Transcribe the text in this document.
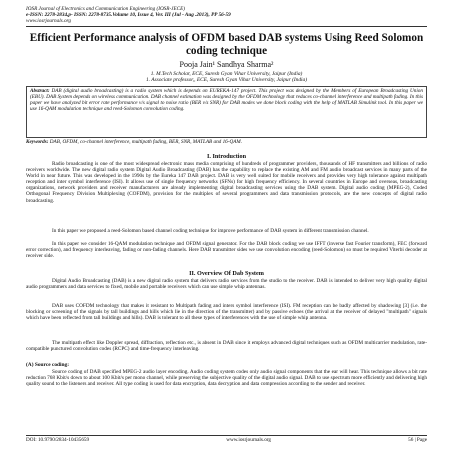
IOSR Journal of Electronics and Communication Engineering (IOSR-JECE)
e-ISSN: 2278-2834,p- ISSN: 2278-8735.Volume 10, Issue 4, Ver. III (Jul - Aug .2013), PP 56-59
www.iosrjournals.org
Efficient Performance analysis of OFDM based DAB systems Using Reed Solomon coding technique
Pooja Jain¹ Sandhya Sharma²
1. M.Tech Scholar, ECE, Suresh Gyan Vihar University, Jaipur (India)
1. Associate professor,, ECE, Suresh Gyan Vihar University, Jaipur (India)
Abstract: DAB (digital audio broadcasting) is a radio system which is depends on EUREKA-147 project. This project was designed by the Members of European Broadcasting Union (EBU). DAB System depends on wireless communication. DAB channel estimation was designed by the OFDM technology that reduces co-channel interference and multipath fading. In this paper we have analyzed bit error rate performance v/s signal to noise ratio (BER v/s SNR) for DAB modes we done block coding with the help of MATLAB Simulink tool. In this paper we use 16-QAM modulation technique and reed-Solomon convolution coding.
Keywords: DAB, OFDM, co-channel interference, multipath fading, BER, SNR, MATLAB and 16-QAM.
I. Introduction
Radio broadcasting is one of the most widespread electronic mass media comprising of hundreds of programmer providers, thousands of HF transmitters and billions of radio receivers worldwide. The new digital radio system Digital Audio Broadcasting (DAB) has the capability to replace the existing AM and FM audio broadcast services in many parts of the World in near future. This was developed in the 1990s by the Eureka 147 DAB project. DAB is very well suited for mobile receivers and provides very high tolerance against multipath reception and inter symbol interference (ISI). It allows use of single frequency networks (SFNs) for high frequency efficiency. In several countries in Europe and overseas, broadcasting organizations, network providers and receiver manufacturers are already implementing digital broadcasting services using the DAB system. Digital audio coding (MPEG-2), Coded Orthogonal Frequency Division Multiplexing (COFDM), provision for the multiplex of several programmers and data transmission protocols, are the new concepts of digital radio broadcasting.
In this paper we proposed a reed-Solomon based channel coding technique for improve performance of DAB system in different transmission channel.
In this paper we consider 16-QAM modulation technique and OFDM signal generator. For the DAB block coding we use IFFT (inverse fast Fourier transform), FEC (forward error correction), and frequency interleaving, fading or non-fading channels. Here DAB transmitter sides we use convolution encoding (reed-Solomon) so must be required Viterbi decoder at receiver side.
II. Overview Of Dab System
Digital Audio Broadcasting (DAB) is a new digital radio system that delivers radio services from the studio to the receiver. DAB is intended to deliver very high quality digital audio programmers and data services to fixed, mobile and portable receivers which can use simple whip antennas.
DAB uses COFDM technology that makes it resistant to Multipath fading and inters symbol interference (ISI). FM reception can be badly affected by shadowing [3] (i.e. the blocking or screening of the signals by tall buildings and hills which lie in the direction of the transmitter) and by passive echoes (the arrival at the receiver of delayed "multipath" signals which have been reflected from tall buildings and hills). DAB is tolerant to all these types of interferences with the use of simple whip antenna.
The multipath effect like Doppler spread, diffraction, reflection etc., is absent in DAB since it employs advanced digital techniques such as OFDM multicarrier modulation, rate-compatible punctured convolution codes (RCPC) and time-frequency interleaving.
(A) Source coding:
Source coding of DAB specified MPEG-2 audio layer encoding. Audio coding system codes only audio signal components that the ear will hear. This technique allows a bit rate reduction 768 Kbit/s down to about 100 Kbit/s per mono channel, while preserving the subjective quality of the digital audio signal. DAB to use spectrum more efficiently and delivering high quality sound to the listeners and receiver. All type coding is used for data encryption, data decryption and data compression according to the sender and receiver.
DOI: 10.9790/2834-10435659	www.iosrjournals.org	56 | Page
